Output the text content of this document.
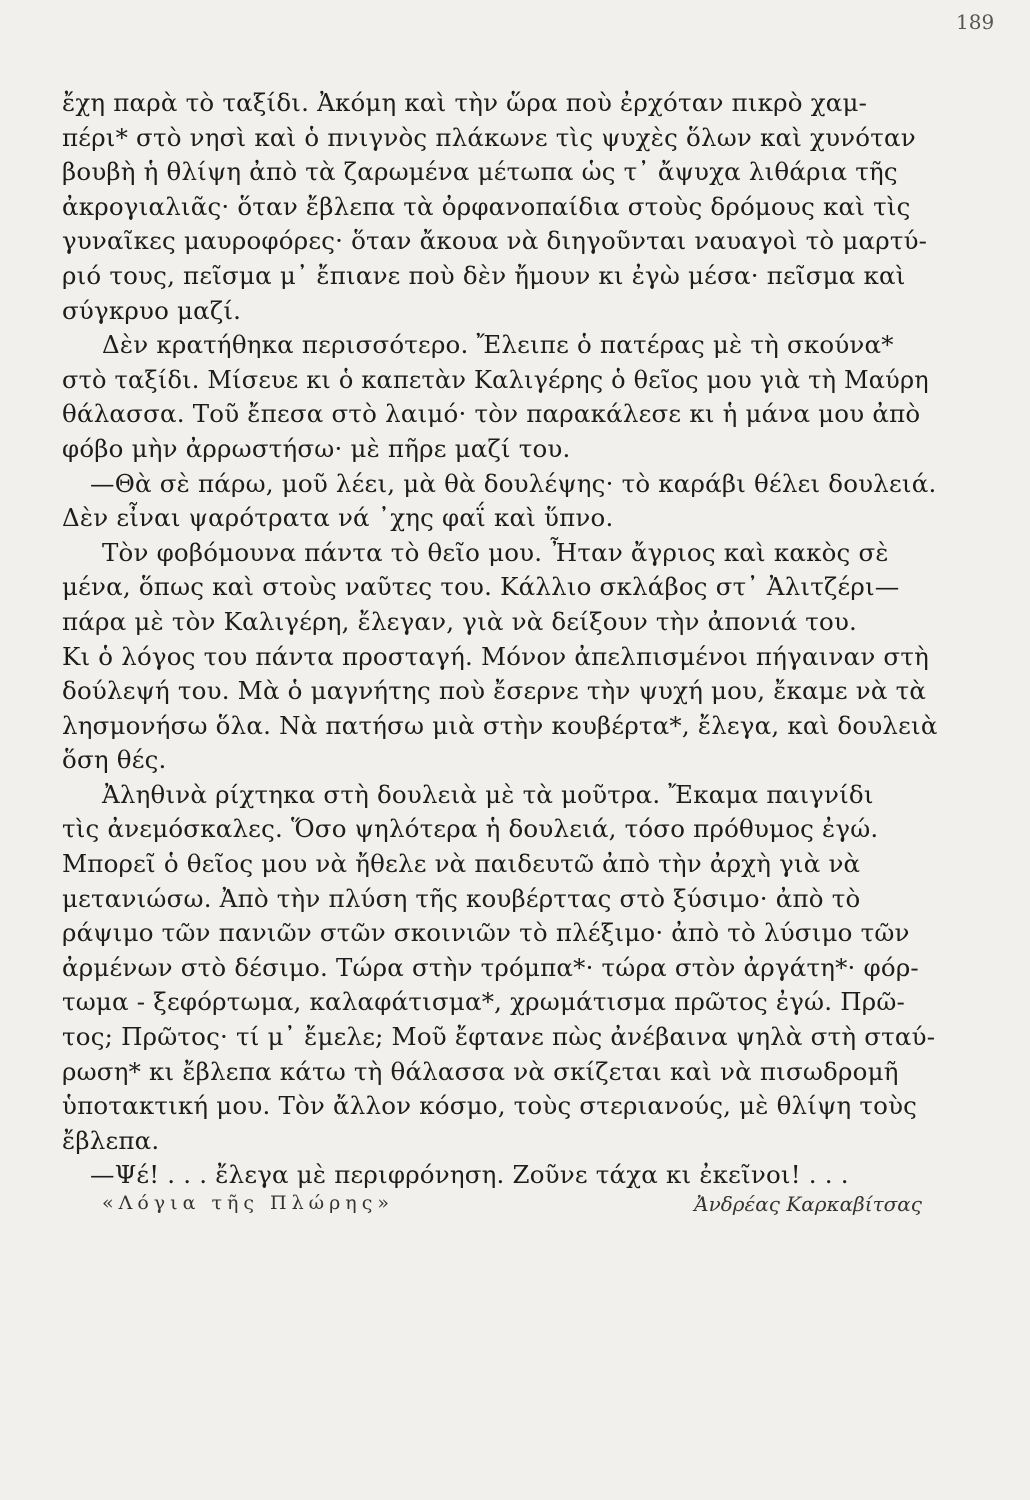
189
ἔχη παρὰ τὸ ταξίδι. Ἀκόμη καὶ τὴν ὥρα ποὺ ἐρχόταν πικρὸ χαμ-
πέρι* στὸ νησὶ καὶ ὁ πνιγνὸς πλάκωνε τὶς ψυχὲς ὅλων καὶ χυνόταν
βουβὴ ἡ θλίψη ἀπὸ τὰ ζαρωμένα μέτωπα ὡς τ᾽ ἄψυχα λιθάρια τῆς
ἀκρογιαλιᾶς· ὅταν ἔβλεπα τὰ ὀρφανοπαίδια στοὺς δρόμους καὶ τὶς
γυναῖκες μαυροφόρες· ὅταν ἄκουα νὰ διηγοῦνται ναυαγοὶ τὸ μαρτύ-
ριό τους, πεῖσμα μ᾽ ἔπιανε ποὺ δὲν ἤμουν κι ἐγὼ μέσα· πεῖσμα καὶ
σύγκρυο μαζί.
Δὲν κρατήθηκα περισσότερο. Ἔλειπε ὁ πατέρας μὲ τὴ σκούνα*
στὸ ταξίδι. Μίσευε κι ὁ καπετὰν Καλιγέρης ὁ θεῖος μου γιὰ τὴ Μαύρη
θάλασσα. Τοῦ ἔπεσα στὸ λαιμό· τὸν παρακάλεσε κι ἡ μάνα μου ἀπὸ
φόβο μὴν ἀρρωστήσω· μὲ πῆρε μαζί του.
—Θὰ σὲ πάρω, μοῦ λέει, μὰ θὰ δουλέψης· τὸ καράβι θέλει δουλειά.
Δὲν εἶναι ψαρότρατα νά ᾽χης φαΐ καὶ ὕπνο.
Τὸν φοβόμουνα πάντα τὸ θεῖο μου. Ἦταν ἄγριος καὶ κακὸς σὲ
μένα, ὅπως καὶ στοὺς ναῦτες του. Κάλλιο σκλάβος στ᾽ Ἀλιτζέρι—
πάρα μὲ τὸν Καλιγέρη, ἔλεγαν, γιὰ νὰ δείξουν τὴν ἀπονιά του.
Κι ὁ λόγος του πάντα προσταγή. Μόνον ἀπελπισμένοι πήγαιναν στὴ
δούλεψή του. Μὰ ὁ μαγνήτης ποὺ ἔσερνε τὴν ψυχή μου, ἔκαμε νὰ τὰ
λησμονήσω ὅλα. Νὰ πατήσω μιὰ στὴν κουβέρτα*, ἔλεγα, καὶ δουλειὰ
ὅση θές.
Ἀληθινὰ ρίχτηκα στὴ δουλειὰ μὲ τὰ μοῦτρα. Ἔκαμα παιγνίδι
τὶς ἀνεμόσκαλες. Ὅσο ψηλότερα ἡ δουλειά, τόσο πρόθυμος ἐγώ.
Μπορεῖ ὁ θεῖος μου νὰ ἤθελε νὰ παιδευτῶ ἀπὸ τὴν ἀρχὴ γιὰ νὰ
μετανιώσω. Ἀπὸ τὴν πλύση τῆς κουβέρττας στὸ ξύσιμο· ἀπὸ τὸ
ράψιμο τῶν πανιῶν στῶν σκοινιῶν τὸ πλέξιμο· ἀπὸ τὸ λύσιμο τῶν
ἀρμένων στὸ δέσιμο. Τώρα στὴν τρόμπα*· τώρα στὸν ἀργάτη*· φόρ-
τωμα - ξεφόρτωμα, καλαφάτισμα*, χρωμάτισμα πρῶτος ἐγώ. Πρῶ-
τος; Πρῶτος· τί μ᾽ ἔμελε; Μοῦ ἔφτανε πὼς ἀνέβαινα ψηλὰ στὴ σταύ-
ρωση* κι ἔβλεπα κάτω τὴ θάλασσα νὰ σκίζεται καὶ νὰ πισωδρομῆ
ὑποτακτική μου. Τὸν ἄλλον κόσμο, τοὺς στεριανούς, μὲ θλίψη τοὺς
ἔβλεπα.
—Ψέ! . . . ἔλεγα μὲ περιφρόνηση. Ζοῦνε τάχα κι ἐκεῖνοι! . . .
«Λόγια τῆς Πλώρης»	Ἀνδρέας Καρκαβίτσας
